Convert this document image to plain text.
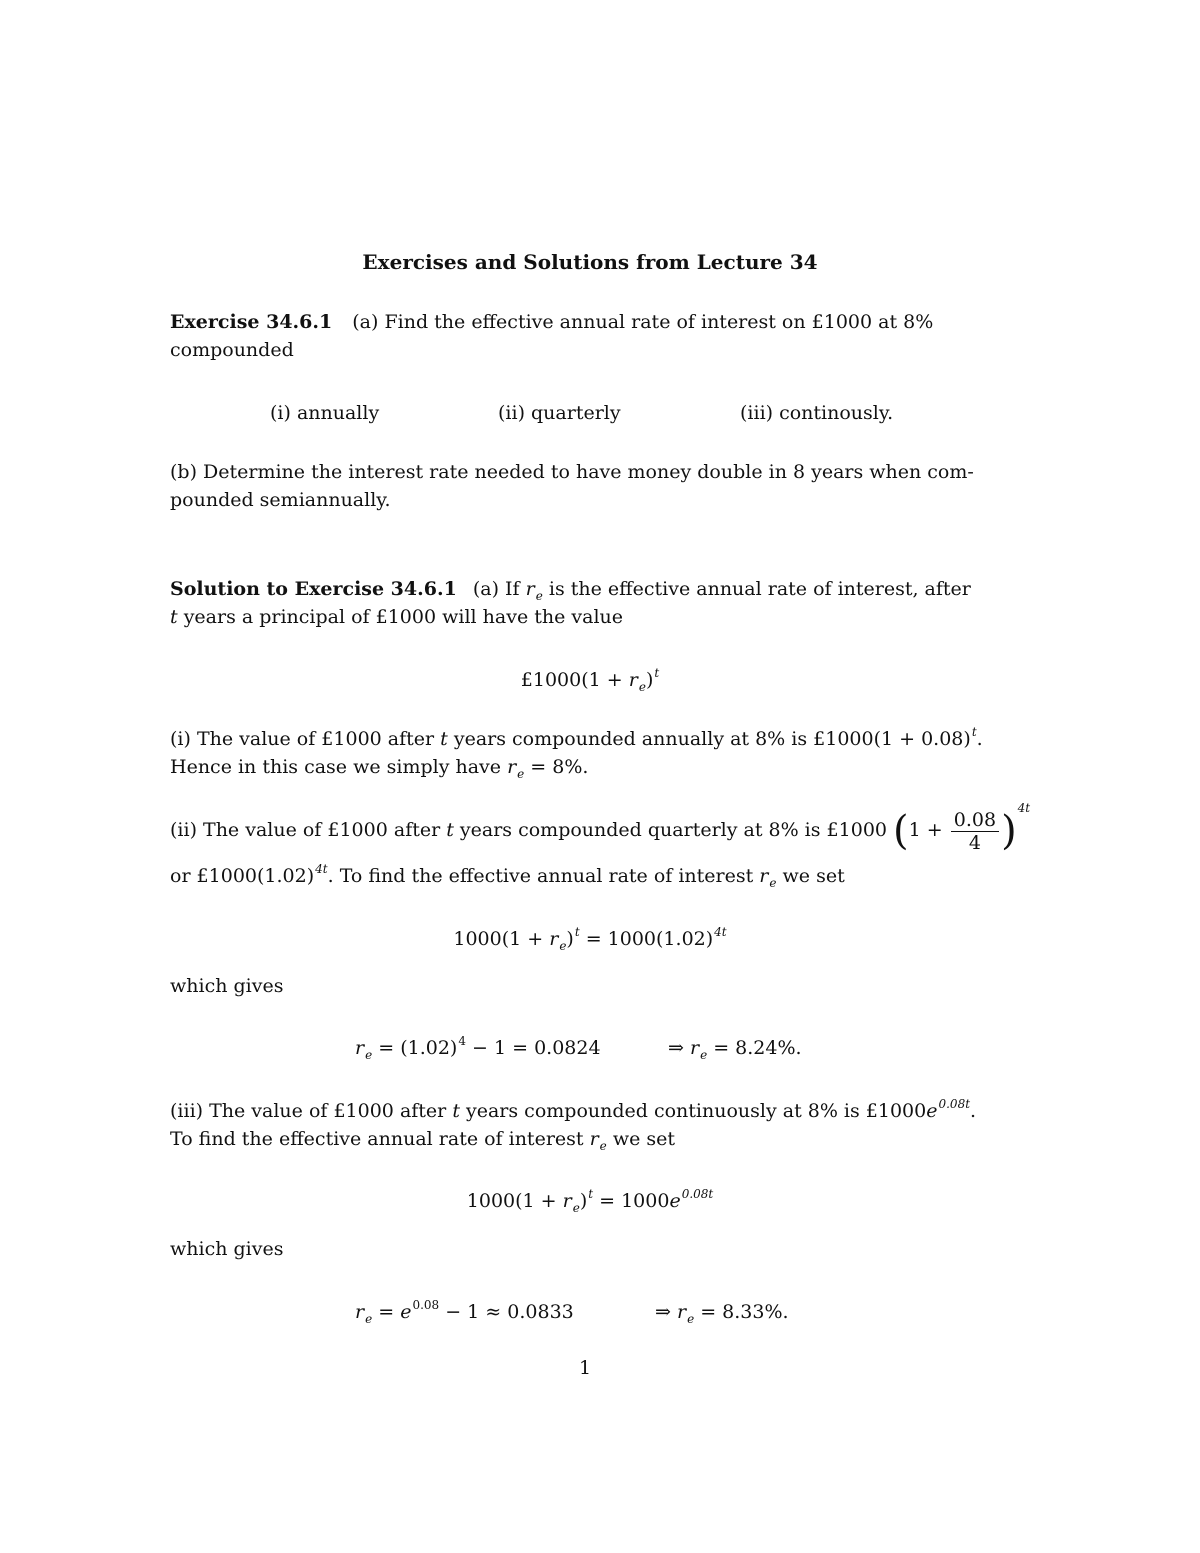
Exercises and Solutions from Lecture 34
Exercise 34.6.1 (a) Find the effective annual rate of interest on £1000 at 8%
compounded
(i) annually	(ii) quarterly	(iii) continously.
(b) Determine the interest rate needed to have money double in 8 years when com-
pounded semiannually.
Solution to Exercise 34.6.1 (a) If $r_e$ is the effective annual rate of interest, after
t years a principal of £1000 will have the value
£1000(1 + $r_e)^t$
(i) The value of £1000 after t years compounded annually at 8% is £1000(1 + 0.08)$^t$.
Hence in this case we simply have $r_e = 8\%$.
(ii) The value of £1000 after t years compounded quarterly at 8% is £1000 $(1 + \frac{0.08}{4} )^{4t}$
or $£1000(1.02)^{4t}$. To find the effective annual rate of interest $r_e$ we set
$1000(1 + r_e)^t = 1000(1.02)^{4t}$
which gives
$r_e = (1.02)^4 - 1 = 0.0824$	⇒ $r_e = 8.24\%$.
(iii) The value of £1000 after t years compounded continuously at 8% is $£1000e^{0.08t}$.
To find the effective annual rate of interest $r_e$ we set
$1000(1 + r_e)^t = 1000e^{0.08t}$
which gives
$r_e = e^{0.08} - 1 \approx 0.0833$	⇒ $r_e = 8.33\%$.
1
